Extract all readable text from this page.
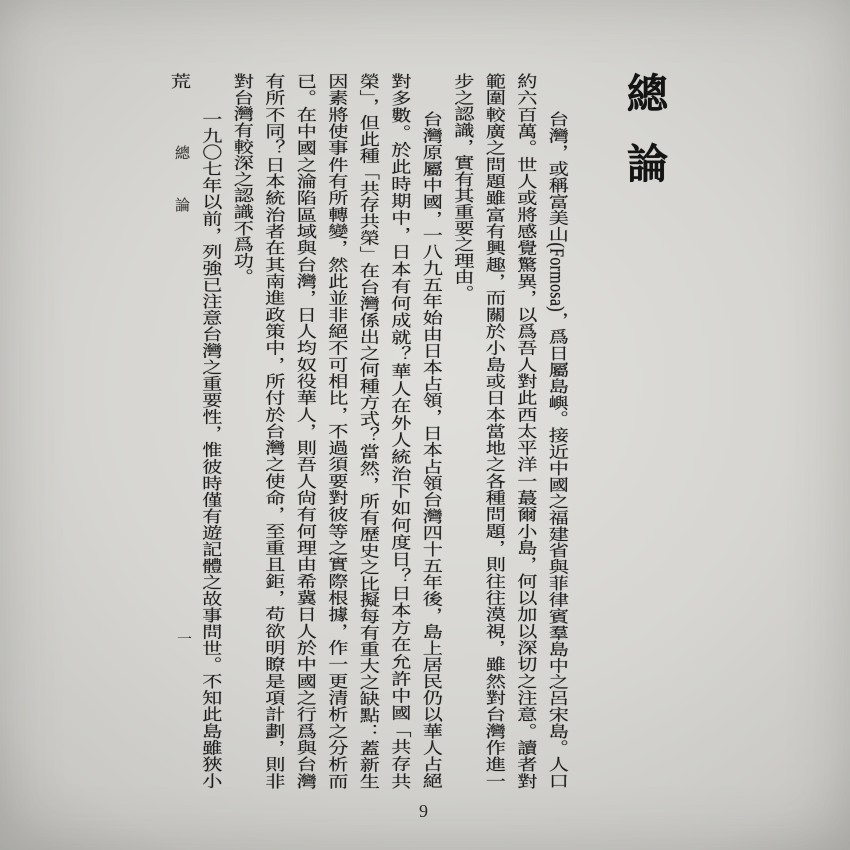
總論

台灣，或稱富美山(Formosa)，爲日屬島嶼。接近中國之福建省與菲律賓羣島中之呂宋島。人口約六百萬。世人或將感覺驚異，以爲吾人對此西太平洋一蕞爾小島，何以加以深切之注意。讀者對範圍較廣之問題雖富有興趣，而關於小島或日本當地之各種問題，則往往漠視，雖然對台灣作進一步之認識，實有其重要之理由。

台灣原屬中國，一八九五年始由日本占領，日本占領台灣四十五年後，島上居民仍以華人占絕對多數。於此時期中，日本有何成就？華人在外人統治下如何度日？日本方在允許中國「共存共榮」，但此種「共存共榮」在台灣係出之何種方式？當然，所有歷史之比擬每有重大之缺點：蓋新生因素將使事件有所轉變，然此並非絕不可相比，不過須要對彼等之實際根據，作一更清析之分析而已。在中國之淪陷區域與台灣，日人均奴役華人，則吾人尙有何理由希冀日人於中國之行爲與台灣有所不同？日本統治者在其南進政策中，所付於台灣之使命，至重且鉅，苟欲明瞭是項計劃，則非對台灣有較深之認識不爲功。

一九〇七年以前，列強已注意台灣之重要性，惟彼時僅有遊記體之故事問世。不知此島雖狹小荒

總論
一
9
